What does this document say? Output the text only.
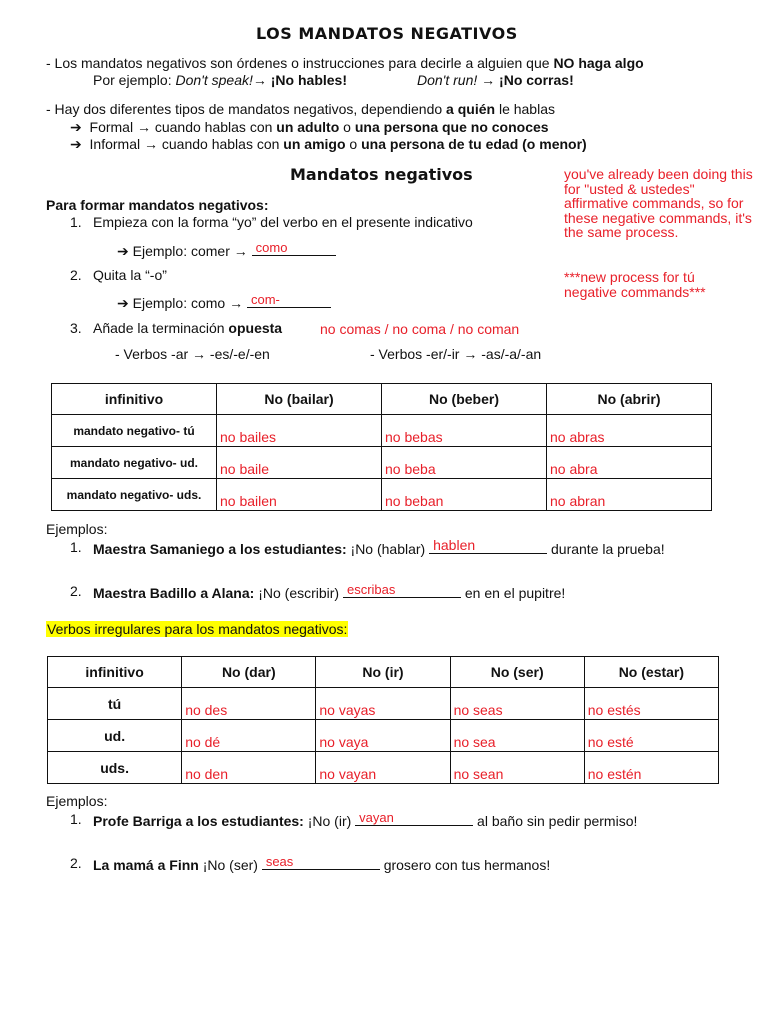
LOS MANDATOS NEGATIVOS
- Los mandatos negativos son órdenes o instrucciones para decirle a alguien que NO haga algo
Por ejemplo: Don't speak!→ ¡No hables!	Don't run! → ¡No corras!
- Hay dos diferentes tipos de mandatos negativos, dependiendo a quién le hablas
➔ Formal → cuando hablas con un adulto o una persona que no conoces
➔ Informal → cuando hablas con un amigo o una persona de tu edad (o menor)
Mandatos negativos	you've already been doing this for "usted & ustedes" affirmative commands, so for these negative commands, it's the same process.
***new process for tú negative commands***
Para formar mandatos negativos:
1. Empieza con la forma “yo” del verbo en el presente indicativo
➔ Ejemplo: comer → como
2. Quita la “-o”
➔ Ejemplo: como → com-
3. Añade la terminación opuesta	no comas / no coma / no coman
- Verbos -ar → -es/-e/-en	- Verbos -er/-ir → -as/-a/-an
infinitivo	No (bailar)	No (beber)	No (abrir)
mandato negativo- tú	no bailes	no bebas	no abras
mandato negativo- ud.	no baile	no beba	no abra
mandato negativo- uds.	no bailen	no beban	no abran
Ejemplos:
1. Maestra Samaniego a los estudiantes: ¡No (hablar) hablen	durante la prueba!
2. Maestra Badillo a Alana: ¡No (escribir) escribas	en en el pupitre!
Verbos irregulares para los mandatos negativos:
infinitivo	No (dar)	No (ir)	No (ser)	No (estar)
tú	no des	no vayas	no seas	no estés
ud.	no dé	no vaya	no sea	no esté
uds.	no den	no vayan	no sean	no estén
Ejemplos:
1. Profe Barriga a los estudiantes: ¡No (ir) vayan	al baño sin pedir permiso!
2. La mamá a Finn ¡No (ser) seas	grosero con tus hermanos!
